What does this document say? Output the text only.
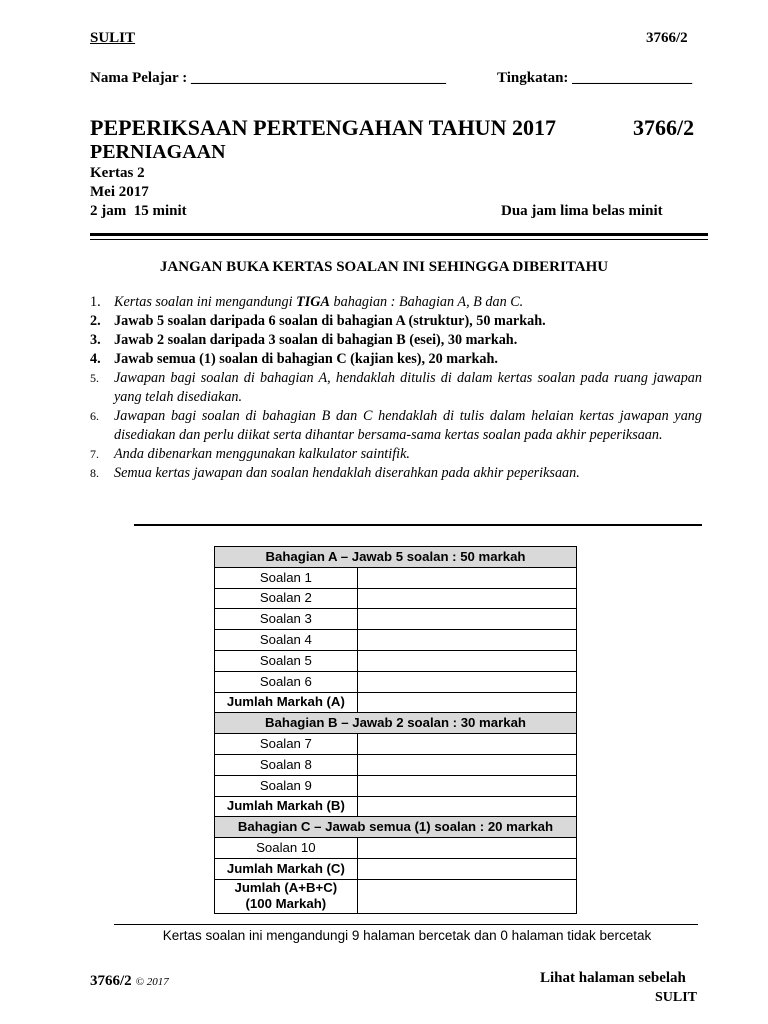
SULIT	3766/2
Nama Pelajar : __________________________________	Tingkatan: ________________
PEPERIKSAAN PERTENGAHAN TAHUN 2017	3766/2
PERNIAGAAN
Kertas 2
Mei 2017
2 jam  15 minit	Dua jam lima belas minit
JANGAN BUKA KERTAS SOALAN INI SEHINGGA DIBERITAHU
1. Kertas soalan ini mengandungi TIGA bahagian : Bahagian A, B dan C.
2. Jawab 5 soalan daripada 6 soalan di bahagian A (struktur), 50 markah.
3. Jawab 2 soalan daripada 3 soalan di bahagian B (esei), 30 markah.
4. Jawab semua (1) soalan di bahagian C (kajian kes), 20 markah.
5. Jawapan bagi soalan di bahagian A, hendaklah ditulis di dalam kertas soalan pada ruang jawapan yang telah disediakan.
6. Jawapan bagi soalan di bahagian B dan C hendaklah di tulis dalam helaian kertas jawapan yang disediakan dan perlu diikat serta dihantar bersama-sama kertas soalan pada akhir peperiksaan.
7. Anda dibenarkan menggunakan kalkulator saintifik.
8. Semua kertas jawapan dan soalan hendaklah diserahkan pada akhir peperiksaan.
Bahagian A – Jawab 5 soalan : 50 markah	
Soalan 1	
Soalan 2	
Soalan 3	
Soalan 4	
Soalan 5	
Soalan 6	
Jumlah Markah (A)	
Bahagian B – Jawab 2 soalan : 30 markah	
Soalan 7	
Soalan 8	
Soalan 9	
Jumlah Markah (B)	
Bahagian C – Jawab semua (1) soalan : 20 markah	
Soalan 10	
Jumlah Markah (C)	

Jumlah (A+B+C)
(100 Markah)	

Kertas soalan ini mengandungi 9 halaman bercetak dan 0 halaman tidak bercetak
3766/2 © 2017	Lihat halaman sebelah
SULIT
